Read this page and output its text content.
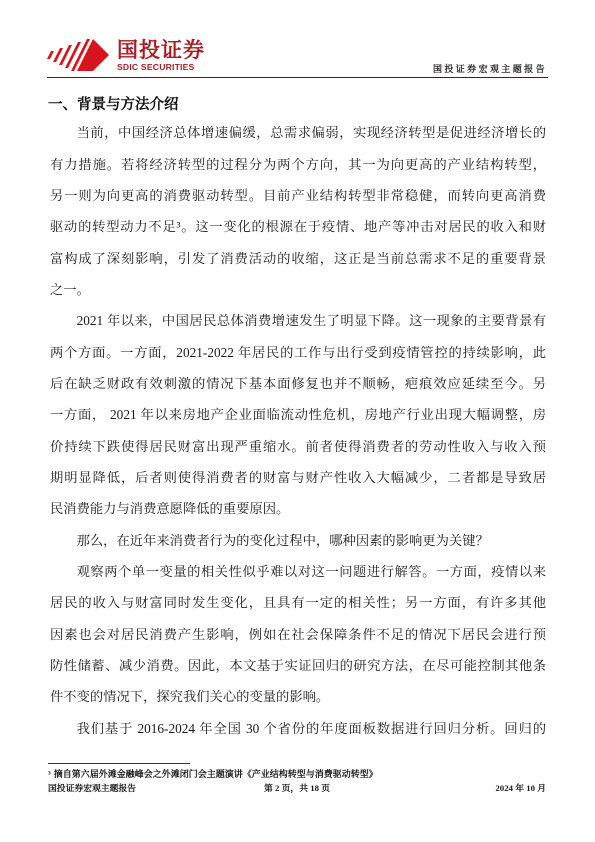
国投证券
SDIC SECURITIES	国投证券宏观主题报告
一、背景与方法介绍
当前，中国经济总体增速偏缓，总需求偏弱，实现经济转型是促进经济增长的
有力措施。若将经济转型的过程分为两个方向，其一为向更高的产业结构转型，
另一则为向更高的消费驱动转型。目前产业结构转型非常稳健，而转向更高消费
驱动的转型动力不足³。这一变化的根源在于疫情、地产等冲击对居民的收入和财
富构成了深刻影响，引发了消费活动的收缩，这正是当前总需求不足的重要背景
之一。
2021 年以来，中国居民总体消费增速发生了明显下降。这一现象的主要背景有
两个方面。一方面，2021-2022 年居民的工作与出行受到疫情管控的持续影响，此
后在缺乏财政有效刺激的情况下基本面修复也并不顺畅，疤痕效应延续至今。另
一方面， 2021 年以来房地产企业面临流动性危机，房地产行业出现大幅调整，房
价持续下跌使得居民财富出现严重缩水。前者使得消费者的劳动性收入与收入预
期明显降低，后者则使得消费者的财富与财产性收入大幅减少，二者都是导致居
民消费能力与消费意愿降低的重要原因。
那么，在近年来消费者行为的变化过程中，哪种因素的影响更为关键？
观察两个单一变量的相关性似乎难以对这一问题进行解答。一方面，疫情以来
居民的收入与财富同时发生变化，且具有一定的相关性；另一方面，有许多其他
因素也会对居民消费产生影响，例如在社会保障条件不足的情况下居民会进行预
防性储蓄、减少消费。因此，本文基于实证回归的研究方法，在尽可能控制其他条
件不变的情况下，探究我们关心的变量的影响。
我们基于 2016-2024 年全国 30 个省份的年度面板数据进行回归分析。回归的
³ 摘自第六届外滩金融峰会之外滩闭门会主题演讲《产业结构转型与消费驱动转型》
国投证券宏观主题报告	第 2 页，共 18 页	2024 年 10 月
